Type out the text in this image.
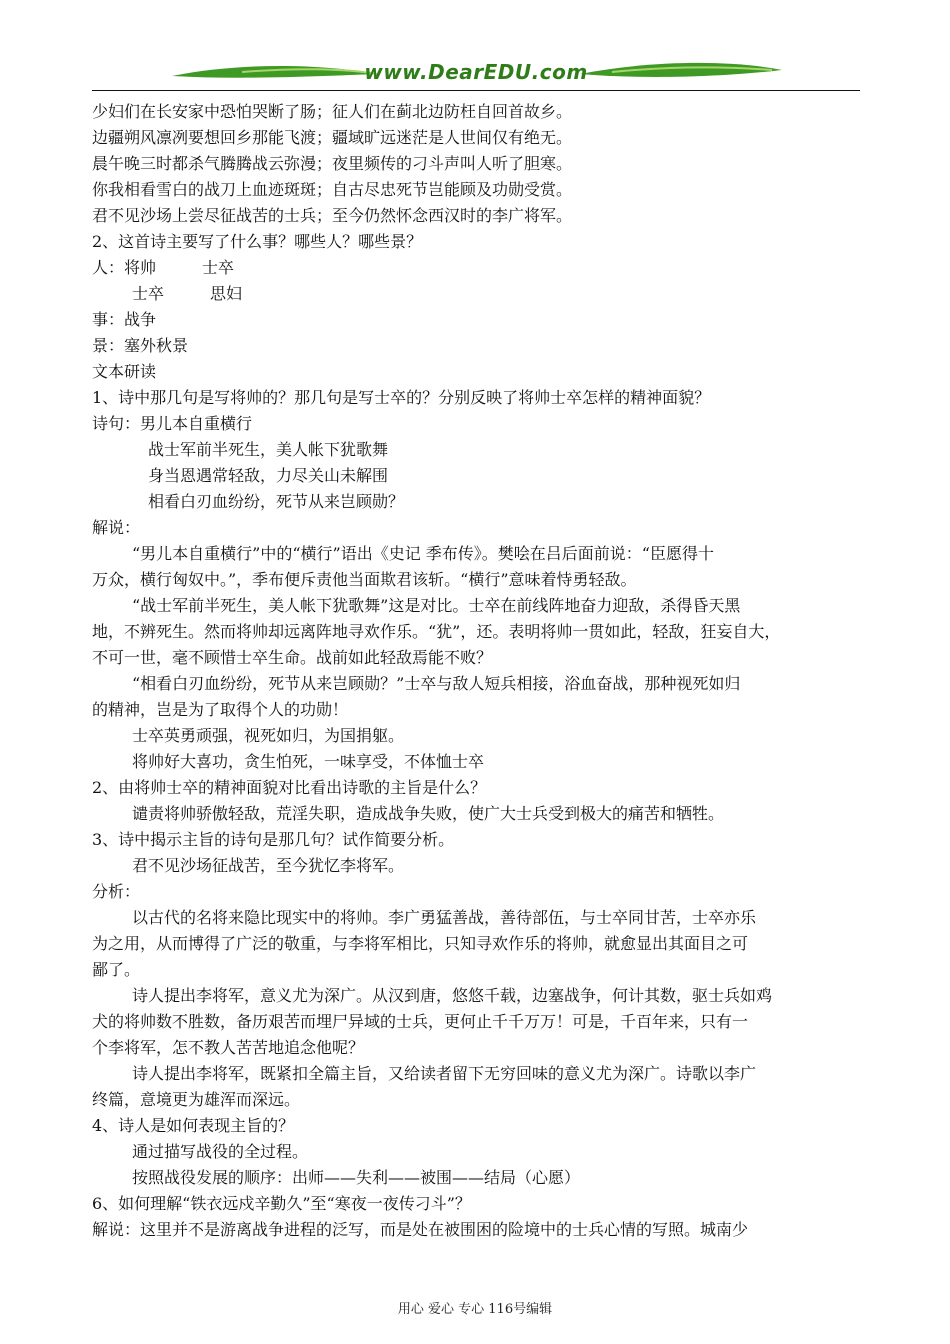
www.DearEDU.com
少妇们在长安家中恐怕哭断了肠；征人们在蓟北边防枉自回首故乡。
边疆朔风凛冽要想回乡那能飞渡；疆域旷远迷茫是人世间仅有绝无。
晨午晚三时都杀气腾腾战云弥漫；夜里频传的刁斗声叫人听了胆寒。
你我相看雪白的战刀上血迹斑斑；自古尽忠死节岂能顾及功勋受赏。
君不见沙场上尝尽征战苦的士兵；至今仍然怀念西汉时的李广将军。
2、这首诗主要写了什么事？哪些人？哪些景？
人：将帅	士卒
士卒	思妇
事：战争
景：塞外秋景
文本研读
1、诗中那几句是写将帅的？那几句是写士卒的？分别反映了将帅士卒怎样的精神面貌？
诗句：男儿本自重横行
战士军前半死生，美人帐下犹歌舞
身当恩遇常轻敌，力尽关山未解围
相看白刃血纷纷，死节从来岂顾勋？
解说：
“男儿本自重横行”中的“横行”语出《史记 季布传》。樊哙在吕后面前说：“臣愿得十
万众，横行匈奴中。”，季布便斥责他当面欺君该斩。“横行”意味着恃勇轻敌。
“战士军前半死生，美人帐下犹歌舞”这是对比。士卒在前线阵地奋力迎敌，杀得昏天黑
地，不辨死生。然而将帅却远离阵地寻欢作乐。“犹”，还。表明将帅一贯如此，轻敌，狂妄自大，
不可一世，毫不顾惜士卒生命。战前如此轻敌焉能不败？
“相看白刃血纷纷，死节从来岂顾勋？”士卒与敌人短兵相接，浴血奋战，那种视死如归
的精神，岂是为了取得个人的功勋！
士卒英勇顽强，视死如归，为国捐躯。
将帅好大喜功，贪生怕死，一味享受，不体恤士卒
2、由将帅士卒的精神面貌对比看出诗歌的主旨是什么？
谴责将帅骄傲轻敌，荒淫失职，造成战争失败，使广大士兵受到极大的痛苦和牺牲。
3、诗中揭示主旨的诗句是那几句？试作简要分析。
君不见沙场征战苦，至今犹忆李将军。
分析：
以古代的名将来隐比现实中的将帅。李广勇猛善战，善待部伍，与士卒同甘苦，士卒亦乐
为之用，从而博得了广泛的敬重，与李将军相比，只知寻欢作乐的将帅，就愈显出其面目之可
鄙了。
诗人提出李将军，意义尤为深广。从汉到唐，悠悠千载，边塞战争，何计其数，驱士兵如鸡
犬的将帅数不胜数，备历艰苦而埋尸异域的士兵，更何止千千万万！可是，千百年来，只有一
个李将军，怎不教人苦苦地追念他呢？
诗人提出李将军，既紧扣全篇主旨，又给读者留下无穷回味的意义尤为深广。诗歌以李广
终篇，意境更为雄浑而深远。
4、诗人是如何表现主旨的？
通过描写战役的全过程。
按照战役发展的顺序：出师——失利——被围——结局（心愿）
6、如何理解“铁衣远戍辛勤久”至“寒夜一夜传刁斗”？
解说：这里并不是游离战争进程的泛写，而是处在被围困的险境中的士兵心情的写照。城南少
用心 爱心 专心 116号编辑
